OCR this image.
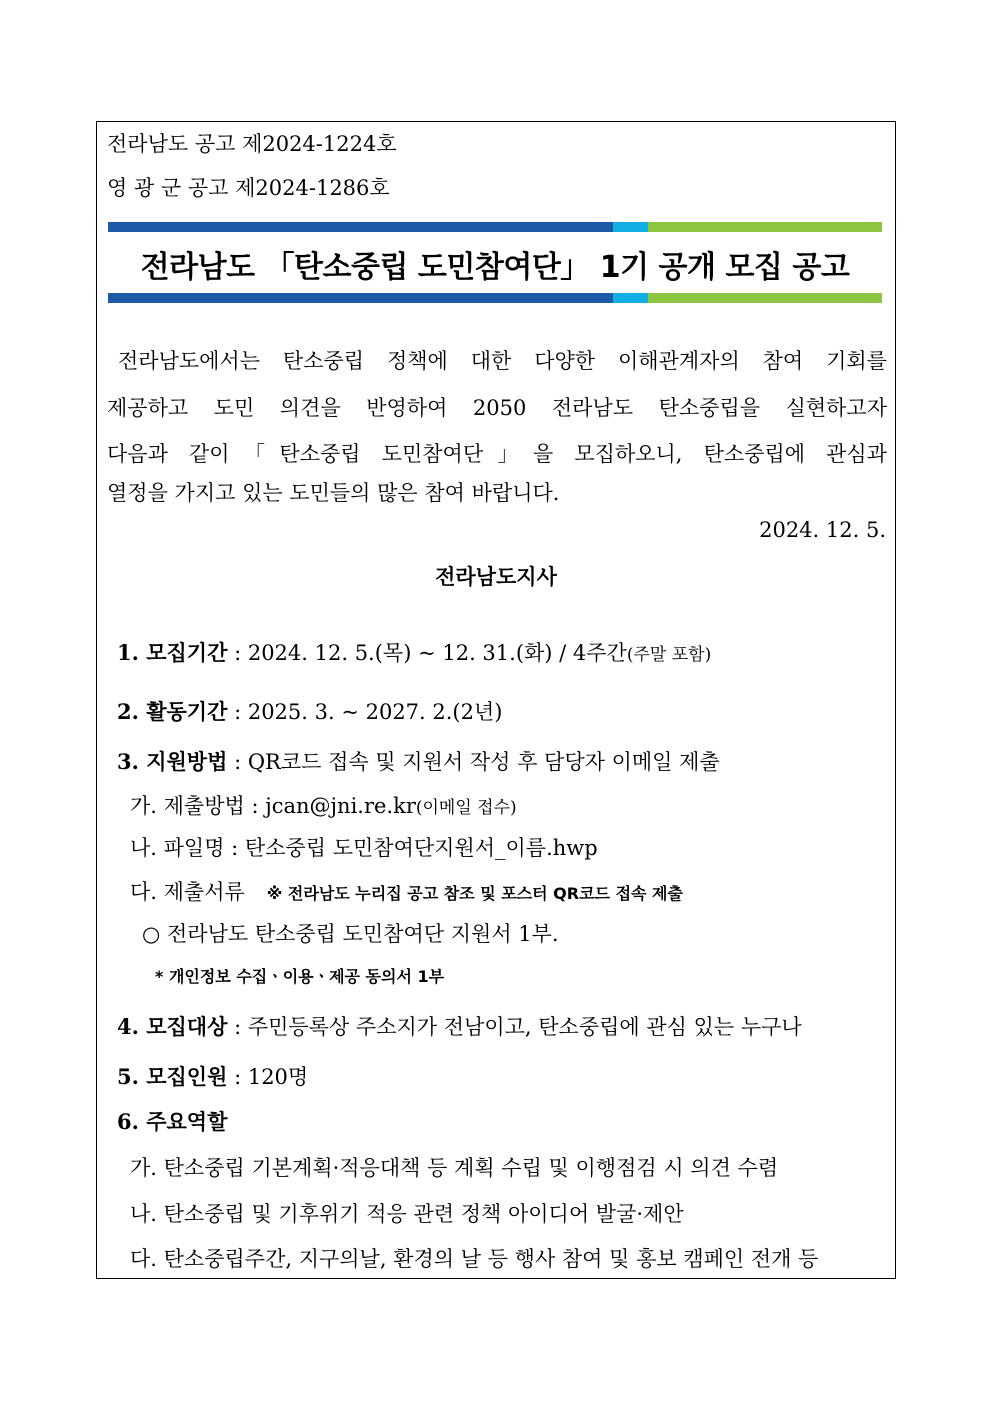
전라남도 공고 제2024-1224호
영 광 군 공고 제2024-1286호
전라남도 「탄소중립 도민참여단」 1기 공개 모집 공고
전라남도에서는 탄소중립 정책에 대한 다양한 이해관계자의 참여 기회를
제공하고 도민 의견을 반영하여 2050 전라남도 탄소중립을 실현하고자
다음과 같이「탄소중립 도민참여단」을 모집하오니, 탄소중립에 관심과
열정을 가지고 있는 도민들의 많은 참여 바랍니다.
2024. 12. 5.
전라남도지사
1. 모집기간 : 2024. 12. 5.(목) ~ 12. 31.(화) / 4주간(주말 포함)
2. 활동기간 : 2025. 3. ~ 2027. 2.(2년)
3. 지원방법 : QR코드 접속 및 지원서 작성 후 담당자 이메일 제출
가. 제출방법 : jcan@jni.re.kr(이메일 접수)
나. 파일명 : 탄소중립 도민참여단지원서_이름.hwp
다. 제출서류 ※ 전라남도 누리집 공고 참조 및 포스터 QR코드 접속 제출
○ 전라남도 탄소중립 도민참여단 지원서 1부.
* 개인정보 수집ㆍ이용ㆍ제공 동의서 1부
4. 모집대상 : 주민등록상 주소지가 전남이고, 탄소중립에 관심 있는 누구나
5. 모집인원 : 120명
6. 주요역할
가. 탄소중립 기본계획·적응대책 등 계획 수립 및 이행점검 시 의견 수렴
나. 탄소중립 및 기후위기 적응 관련 정책 아이디어 발굴·제안
다. 탄소중립주간, 지구의날, 환경의 날 등 행사 참여 및 홍보 캠페인 전개 등
